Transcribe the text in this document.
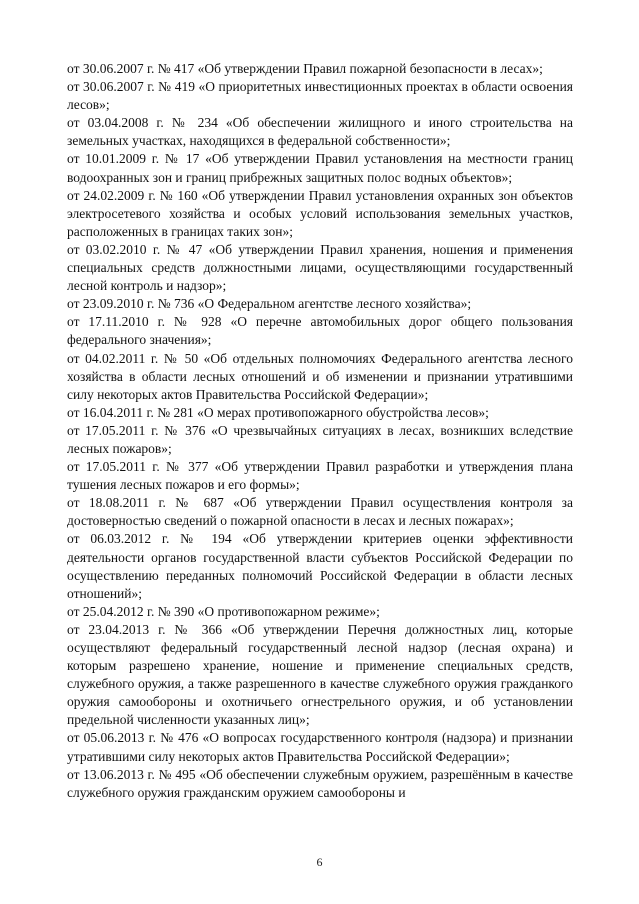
от 30.06.2007 г. № 417 «Об утверждении Правил пожарной безопасности в лесах»;

от 30.06.2007 г. № 419 «О приоритетных инвестиционных проектах в области освоения лесов»;

от 03.04.2008 г. № 234 «Об обеспечении жилищного и иного строительства на земельных участках, находящихся в федеральной собственности»;

от 10.01.2009 г. № 17 «Об утверждении Правил установления на местности границ водоохранных зон и границ прибрежных защитных полос водных объектов»;

от 24.02.2009 г. № 160 «Об утверждении Правил установления охранных зон объектов электросетевого хозяйства и особых условий использования земельных участков, расположенных в границах таких зон»;

от 03.02.2010 г. № 47 «Об утверждении Правил хранения, ношения и применения специальных средств должностными лицами, осуществляющими государственный лесной контроль и надзор»;

от 23.09.2010 г. № 736 «О Федеральном агентстве лесного хозяйства»;

от 17.11.2010 г. № 928 «О перечне автомобильных дорог общего пользования федерального значения»;

от 04.02.2011 г. № 50 «Об отдельных полномочиях Федерального агентства лесного хозяйства в области лесных отношений и об изменении и признании утратившими силу некоторых актов Правительства Российской Федерации»;

от 16.04.2011 г. № 281 «О мерах противопожарного обустройства лесов»;

от 17.05.2011 г. № 376 «О чрезвычайных ситуациях в лесах, возникших вследствие лесных пожаров»;

от 17.05.2011 г. № 377 «Об утверждении Правил разработки и утверждения плана тушения лесных пожаров и его формы»;

от 18.08.2011 г. № 687 «Об утверждении Правил осуществления контроля за достоверностью сведений о пожарной опасности в лесах и лесных пожарах»;

от 06.03.2012 г. № 194 «Об утверждении критериев оценки эффективности деятельности органов государственной власти субъектов Российской Федерации по осуществлению переданных полномочий Российской Федерации в области лесных отношений»;

от 25.04.2012 г. № 390 «О противопожарном режиме»;

от 23.04.2013 г. № 366 «Об утверждении Перечня должностных лиц, которые осуществляют федеральный государственный лесной надзор (лесная охрана) и которым разрешено хранение, ношение и применение специальных средств, служебного оружия, а также разрешенного в качестве служебного оружия гражданкого оружия самообороны и охотничьего огнестрельного оружия, и об установлении предельной численности указанных лиц»;

от 05.06.2013 г. № 476 «О вопросах государственного контроля (надзора) и признании утратившими силу некоторых актов Правительства Российской Федерации»;

от 13.06.2013 г. № 495 «Об обеспечении служебным оружием, разрешённым в качестве служебного оружия гражданским оружием самообороны и

6
